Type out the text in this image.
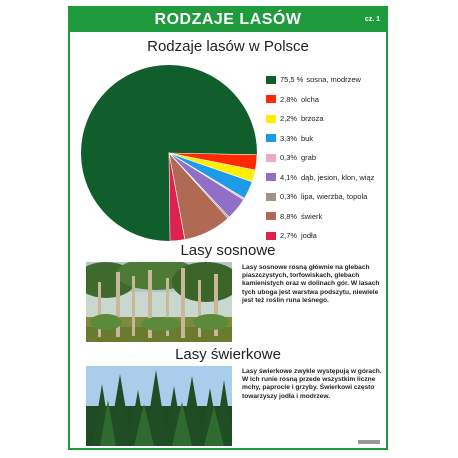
RODZAJE LASÓW	cz. 1
Rodzaje lasów w Polsce
75,5 % sosna, modrzew
2,8% olcha
2,2% brzoza
3,3% buk
0,3% grab
4,1% dąb, jesion, klon, wiąz
0,3% lipa, wierzba, topola
8,8% świerk
2,7% jodła
Lasy sosnowe
Lasy sosnowe rosną głównie na glebach piaszczystych, torfowiskach, glebach kamienistych oraz w dolinach gór. W lasach tych uboga jest warstwa podszytu, niewiele jest też roślin runa leśnego.
Lasy świerkowe
Lasy świerkowe zwykle występują w górach. W ich runie rosną przede wszystkim liczne mchy, paprocie i grzyby. Świerkowi często towarzyszy jodła i modrzew.
